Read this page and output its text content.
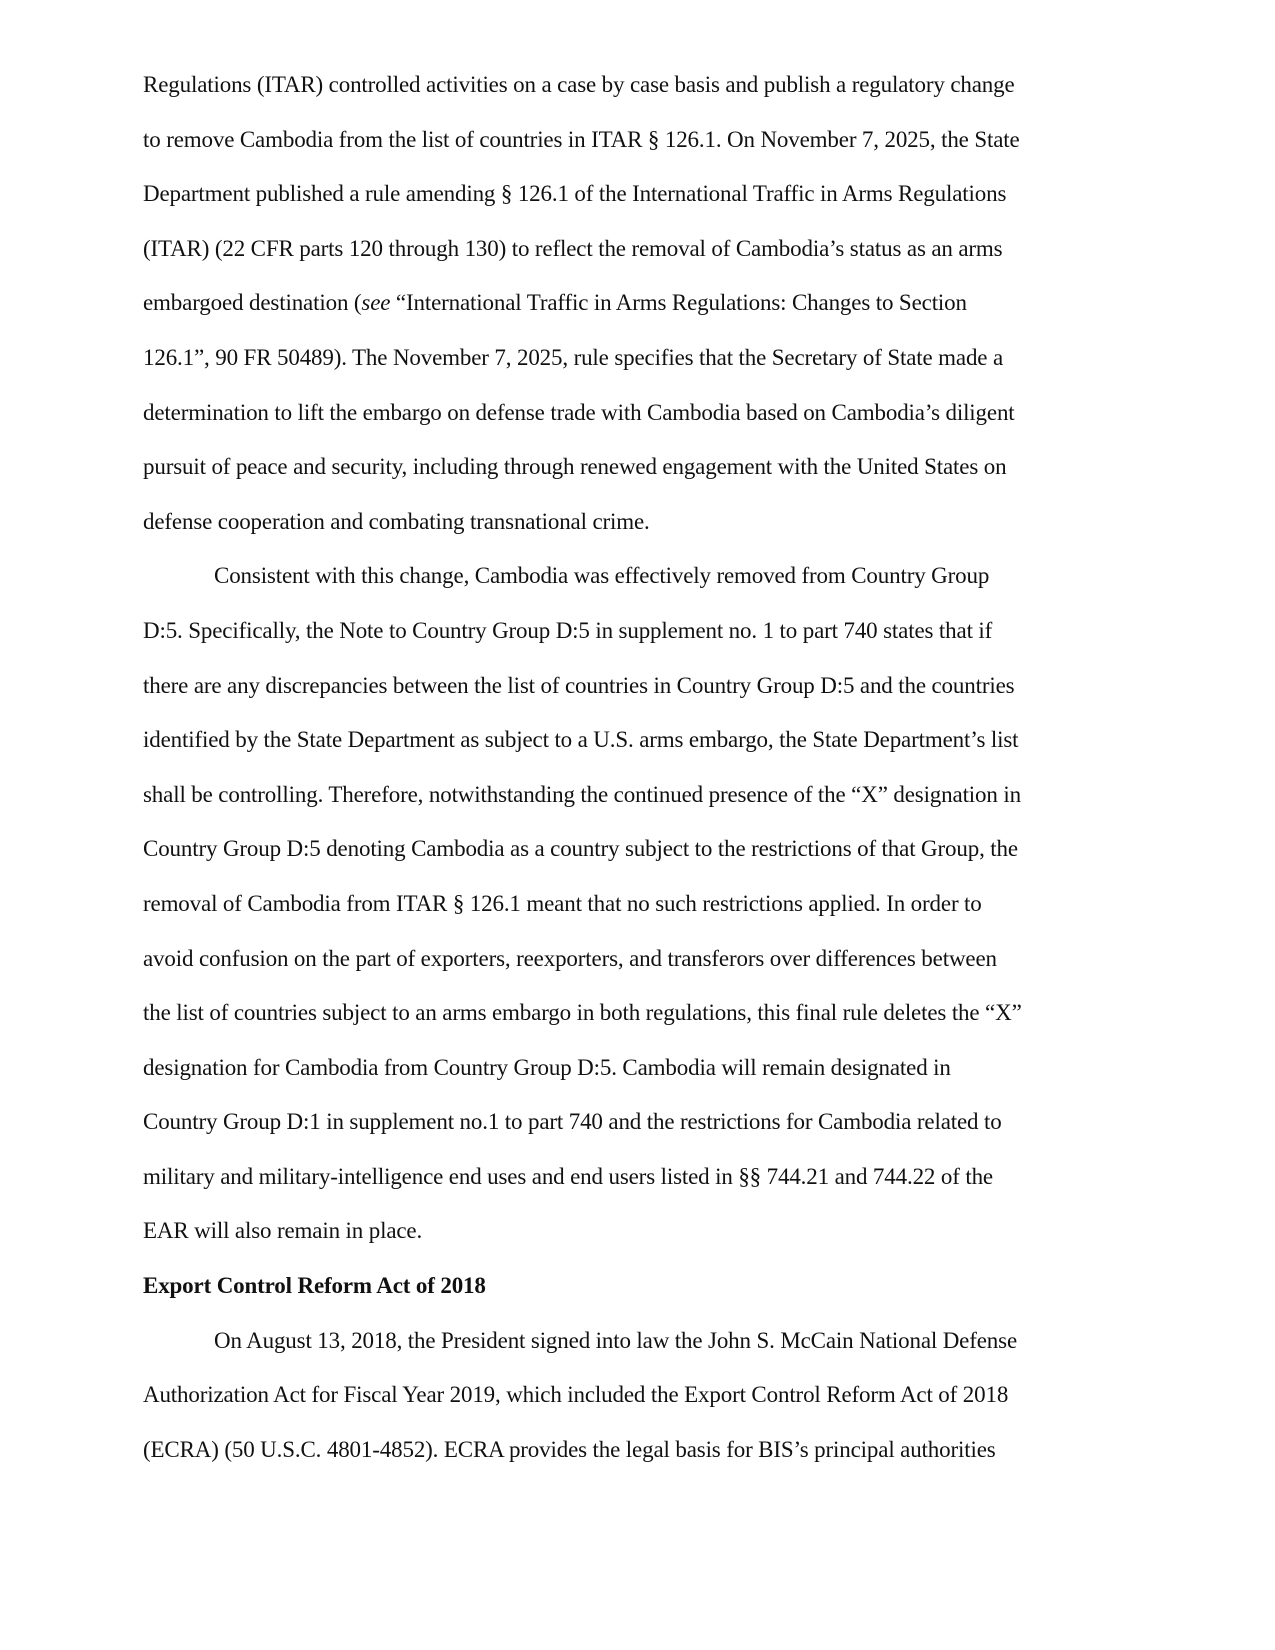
Regulations (ITAR) controlled activities on a case by case basis and publish a regulatory change
to remove Cambodia from the list of countries in ITAR § 126.1. On November 7, 2025, the State
Department published a rule amending § 126.1 of the International Traffic in Arms Regulations
(ITAR) (22 CFR parts 120 through 130) to reflect the removal of Cambodia’s status as an arms
embargoed destination (see “International Traffic in Arms Regulations: Changes to Section
126.1”, 90 FR 50489). The November 7, 2025, rule specifies that the Secretary of State made a
determination to lift the embargo on defense trade with Cambodia based on Cambodia’s diligent
pursuit of peace and security, including through renewed engagement with the United States on
defense cooperation and combating transnational crime.
Consistent with this change, Cambodia was effectively removed from Country Group
D:5. Specifically, the Note to Country Group D:5 in supplement no. 1 to part 740 states that if
there are any discrepancies between the list of countries in Country Group D:5 and the countries
identified by the State Department as subject to a U.S. arms embargo, the State Department’s list
shall be controlling. Therefore, notwithstanding the continued presence of the “X” designation in
Country Group D:5 denoting Cambodia as a country subject to the restrictions of that Group, the
removal of Cambodia from ITAR § 126.1 meant that no such restrictions applied. In order to
avoid confusion on the part of exporters, reexporters, and transferors over differences between
the list of countries subject to an arms embargo in both regulations, this final rule deletes the “X”
designation for Cambodia from Country Group D:5. Cambodia will remain designated in
Country Group D:1 in supplement no.1 to part 740 and the restrictions for Cambodia related to
military and military-intelligence end uses and end users listed in §§ 744.21 and 744.22 of the
EAR will also remain in place.
Export Control Reform Act of 2018
On August 13, 2018, the President signed into law the John S. McCain National Defense
Authorization Act for Fiscal Year 2019, which included the Export Control Reform Act of 2018
(ECRA) (50 U.S.C. 4801-4852). ECRA provides the legal basis for BIS’s principal authorities
